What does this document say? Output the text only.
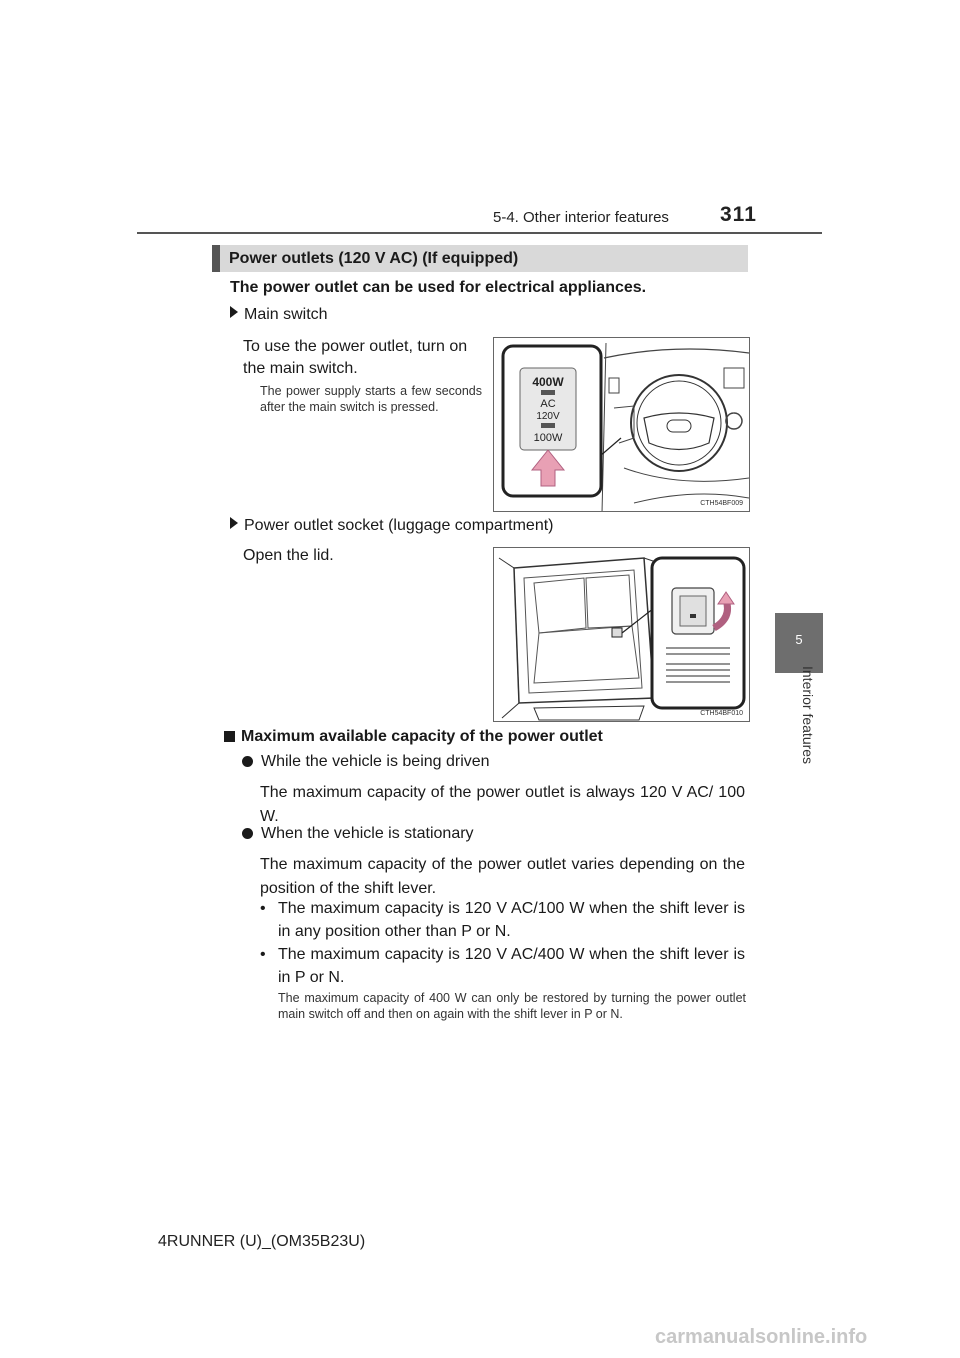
5-4. Other interior features 311
5
Interior features
Power outlets (120 V AC) (If equipped)
The power outlet can be used for electrical appliances.
Main switch
To use the power outlet, turn on the main switch.
The power supply starts a few seconds after the main switch is pressed.
400W
AC
120V
100W
CTH54BF009
Power outlet socket (luggage compartment)
Open the lid.
CTH54BF010
Maximum available capacity of the power outlet
While the vehicle is being driven
The maximum capacity of the power outlet is always 120 V AC/ 100 W.
When the vehicle is stationary
The maximum capacity of the power outlet varies depending on the position of the shift lever.
• The maximum capacity is 120 V AC/100 W when the shift lever is in any position other than P or N.
• The maximum capacity is 120 V AC/400 W when the shift lever is in P or N.
The maximum capacity of 400 W can only be restored by turning the power outlet main switch off and then on again with the shift lever in P or N.
4RUNNER (U)_(OM35B23U)
carmanualsonline.info
